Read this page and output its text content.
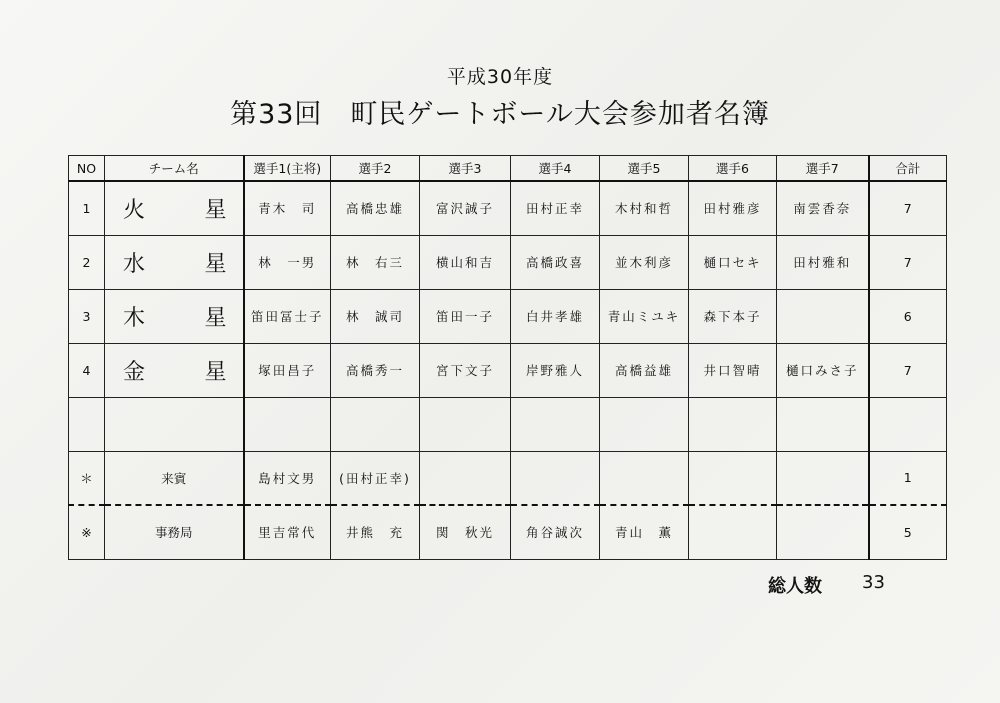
平成30年度
第33回　町民ゲートボール大会参加者名簿
NO	チーム名	選手1(主将)	選手2	選手3	選手4	選手5	選手6	選手7	合計
1	火 星	青木　司	高橋忠雄	富沢誠子	田村正幸	木村和哲	田村雅彦	南雲香奈	7
2	水 星	林　一男	林　右三	横山和吉	高橋政喜	並木利彦	樋口セキ	田村雅和	7
3	木 星	笛田冨士子	林　誠司	笛田一子	白井孝雄	青山ミユキ	森下本子		6
4	金 星	塚田昌子	高橋秀一	宮下文子	岸野雅人	高橋益雄	井口智晴	樋口みさ子	7

＊	来賓	島村文男	(田村正幸)						1
※	事務局	里吉常代	井熊　充	関　秋光	角谷誠次	青山　薫			5
総人数 33
